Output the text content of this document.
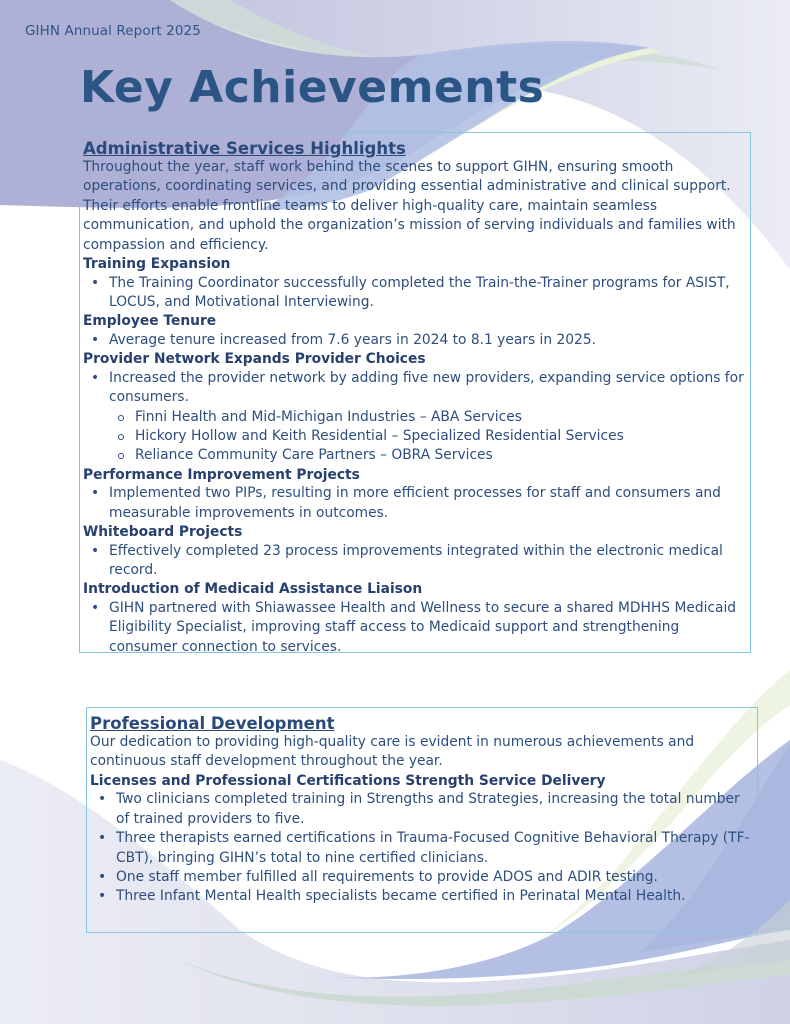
GIHN Annual Report 2025
Key Achievements
Administrative Services Highlights

Throughout the year, staff work behind the scenes to support GIHN, ensuring smooth operations, coordinating services, and providing essential administrative and clinical support. Their efforts enable frontline teams to deliver high-quality care, maintain seamless communication, and uphold the organization’s mission of serving individuals and families with compassion and efficiency.

Training Expansion
• The Training Coordinator successfully completed the Train-the-Trainer programs for ASIST, LOCUS, and Motivational Interviewing.
Employee Tenure
• Average tenure increased from 7.6 years in 2024 to 8.1 years in 2025.
Provider Network Expands Provider Choices
• Increased the provider network by adding five new providers, expanding service options for consumers.
Finni Health and Mid-Michigan Industries – ABA Services
Hickory Hollow and Keith Residential – Specialized Residential Services
Reliance Community Care Partners – OBRA Services
Performance Improvement Projects
• Implemented two PIPs, resulting in more efficient processes for staff and consumers and measurable improvements in outcomes.
Whiteboard Projects
• Effectively completed 23 process improvements integrated within the electronic medical record.
Introduction of Medicaid Assistance Liaison
• GIHN partnered with Shiawassee Health and Wellness to secure a shared MDHHS Medicaid Eligibility Specialist, improving staff access to Medicaid support and strengthening consumer connection to services.
Professional Development

Our dedication to providing high-quality care is evident in numerous achievements and continuous staff development throughout the year.

Licenses and Professional Certifications Strength Service Delivery
• Two clinicians completed training in Strengths and Strategies, increasing the total number of trained providers to five.
• Three therapists earned certifications in Trauma-Focused Cognitive Behavioral Therapy (TF-CBT), bringing GIHN’s total to nine certified clinicians.
• One staff member fulfilled all requirements to provide ADOS and ADIR testing.
• Three Infant Mental Health specialists became certified in Perinatal Mental Health.
